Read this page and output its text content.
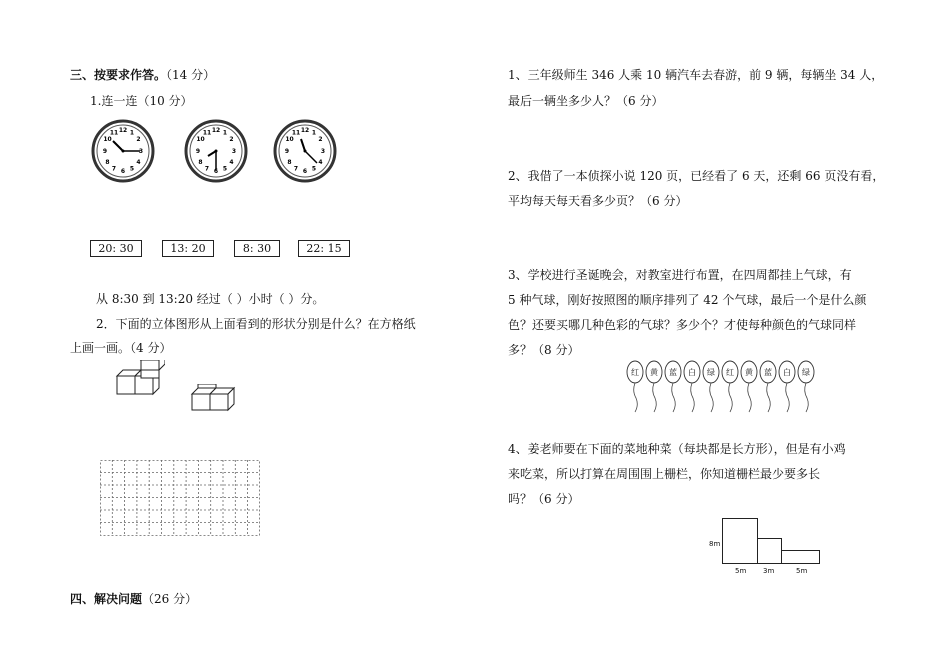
三、按要求作答。（14 分）
1.连一连（10 分）
12 1
2
3
4
5
6
7
8
9
10
11	12 1
2
3
4
5
6
7
8
9
10
11	12 1
2
3
4
5
6
7
8
9
10
11
20: 30	13: 20	8: 30	22: 15
从 8:30 到 13:20 经过（ ）小时（ ）分。
2．下面的立体图形从上面看到的形状分别是什么？在方格纸
上画一画。（4 分）
四、解决问题（26 分）
1、三年级师生 346 人乘 10 辆汽车去春游，前 9 辆，每辆坐 34 人，
最后一辆坐多少人？（6 分）
2、我借了一本侦探小说 120 页，已经看了 6 天，还剩 66 页没有看，
平均每天每天看多少页？（6 分）
3、学校进行圣诞晚会，对教室进行布置，在四周都挂上气球，有
5 种气球，刚好按照图的顺序排列了 42 个气球，最后一个是什么颜
色？还要买哪几种色彩的气球？多少个？才使每种颜色的气球同样
多？（8 分）
红 黄 蓝 白 绿 红 黄 蓝 白 绿
4、姜老师要在下面的菜地种菜（每块都是长方形），但是有小鸡
来吃菜，所以打算在周围围上栅栏，你知道栅栏最少要多长
吗？（6 分）
8m
5m 3m	5m
